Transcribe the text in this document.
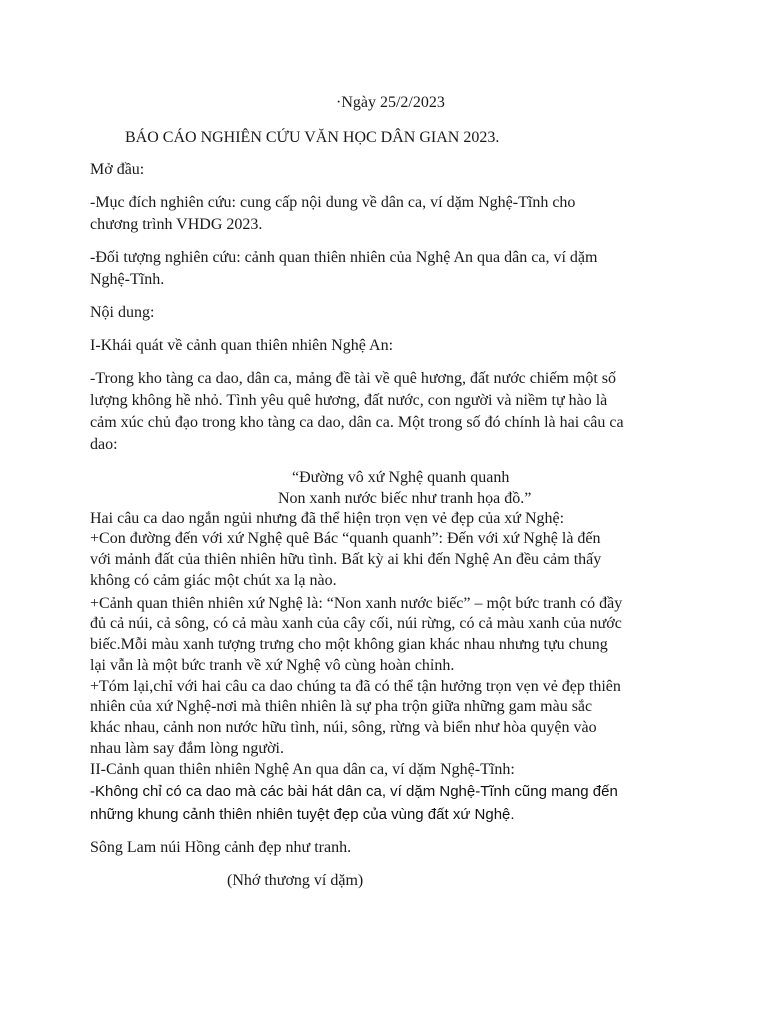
·Ngày 25/2/2023
BÁO CÁO NGHIÊN CỨU VĂN HỌC DÂN GIAN 2023.
Mở đầu:
-Mục đích nghiên cứu: cung cấp nội dung về dân ca, ví dặm Nghệ-Tĩnh cho
chương trình VHDG 2023.
-Đối tượng nghiên cứu: cảnh quan thiên nhiên của Nghệ An qua dân ca, ví dặm
Nghệ-Tĩnh.
Nội dung:
I-Khái quát về cảnh quan thiên nhiên Nghệ An:
-Trong kho tàng ca dao, dân ca, mảng đề tài về quê hương, đất nước chiếm một số
lượng không hề nhỏ. Tình yêu quê hương, đất nước, con người và niềm tự hào là
cảm xúc chủ đạo trong kho tàng ca dao, dân ca. Một trong số đó chính là hai câu ca
dao:
“Đường vô xứ Nghệ quanh quanh
Non xanh nước biếc như tranh họa đồ.”
Hai câu ca dao ngắn ngủi nhưng đã thể hiện trọn vẹn vẻ đẹp của xứ Nghệ:
+Con đường đến với xứ Nghệ quê Bác “quanh quanh”: Đến với xứ Nghệ là đến
với mảnh đất của thiên nhiên hữu tình. Bất kỳ ai khi đến Nghệ An đều cảm thấy
không có cảm giác một chút xa lạ nào.
+Cảnh quan thiên nhiên xứ Nghệ là: “Non xanh nước biếc” – một bức tranh có đầy
đủ cả núi, cả sông, có cả màu xanh của cây cối, núi rừng, có cả màu xanh của nước
biếc.Mỗi màu xanh tượng trưng cho một không gian khác nhau nhưng tựu chung
lại vẫn là một bức tranh về xứ Nghệ vô cùng hoàn chỉnh.
+Tóm lại,chỉ với hai câu ca dao chúng ta đã có thể tận hưởng trọn vẹn vẻ đẹp thiên
nhiên của xứ Nghệ-nơi mà thiên nhiên là sự pha trộn giữa những gam màu sắc
khác nhau, cảnh non nước hữu tình, núi, sông, rừng và biển như hòa quyện vào
nhau làm say đắm lòng người.
II-Cảnh quan thiên nhiên Nghệ An qua dân ca, ví dặm Nghệ-Tĩnh:
-Không chỉ có ca dao mà các bài hát dân ca, ví dặm Nghệ-Tĩnh cũng mang đến
những khung cảnh thiên nhiên tuyệt đẹp của vùng đất xứ Nghệ.
Sông Lam núi Hồng cảnh đẹp như tranh.
(Nhớ thương ví dặm)
